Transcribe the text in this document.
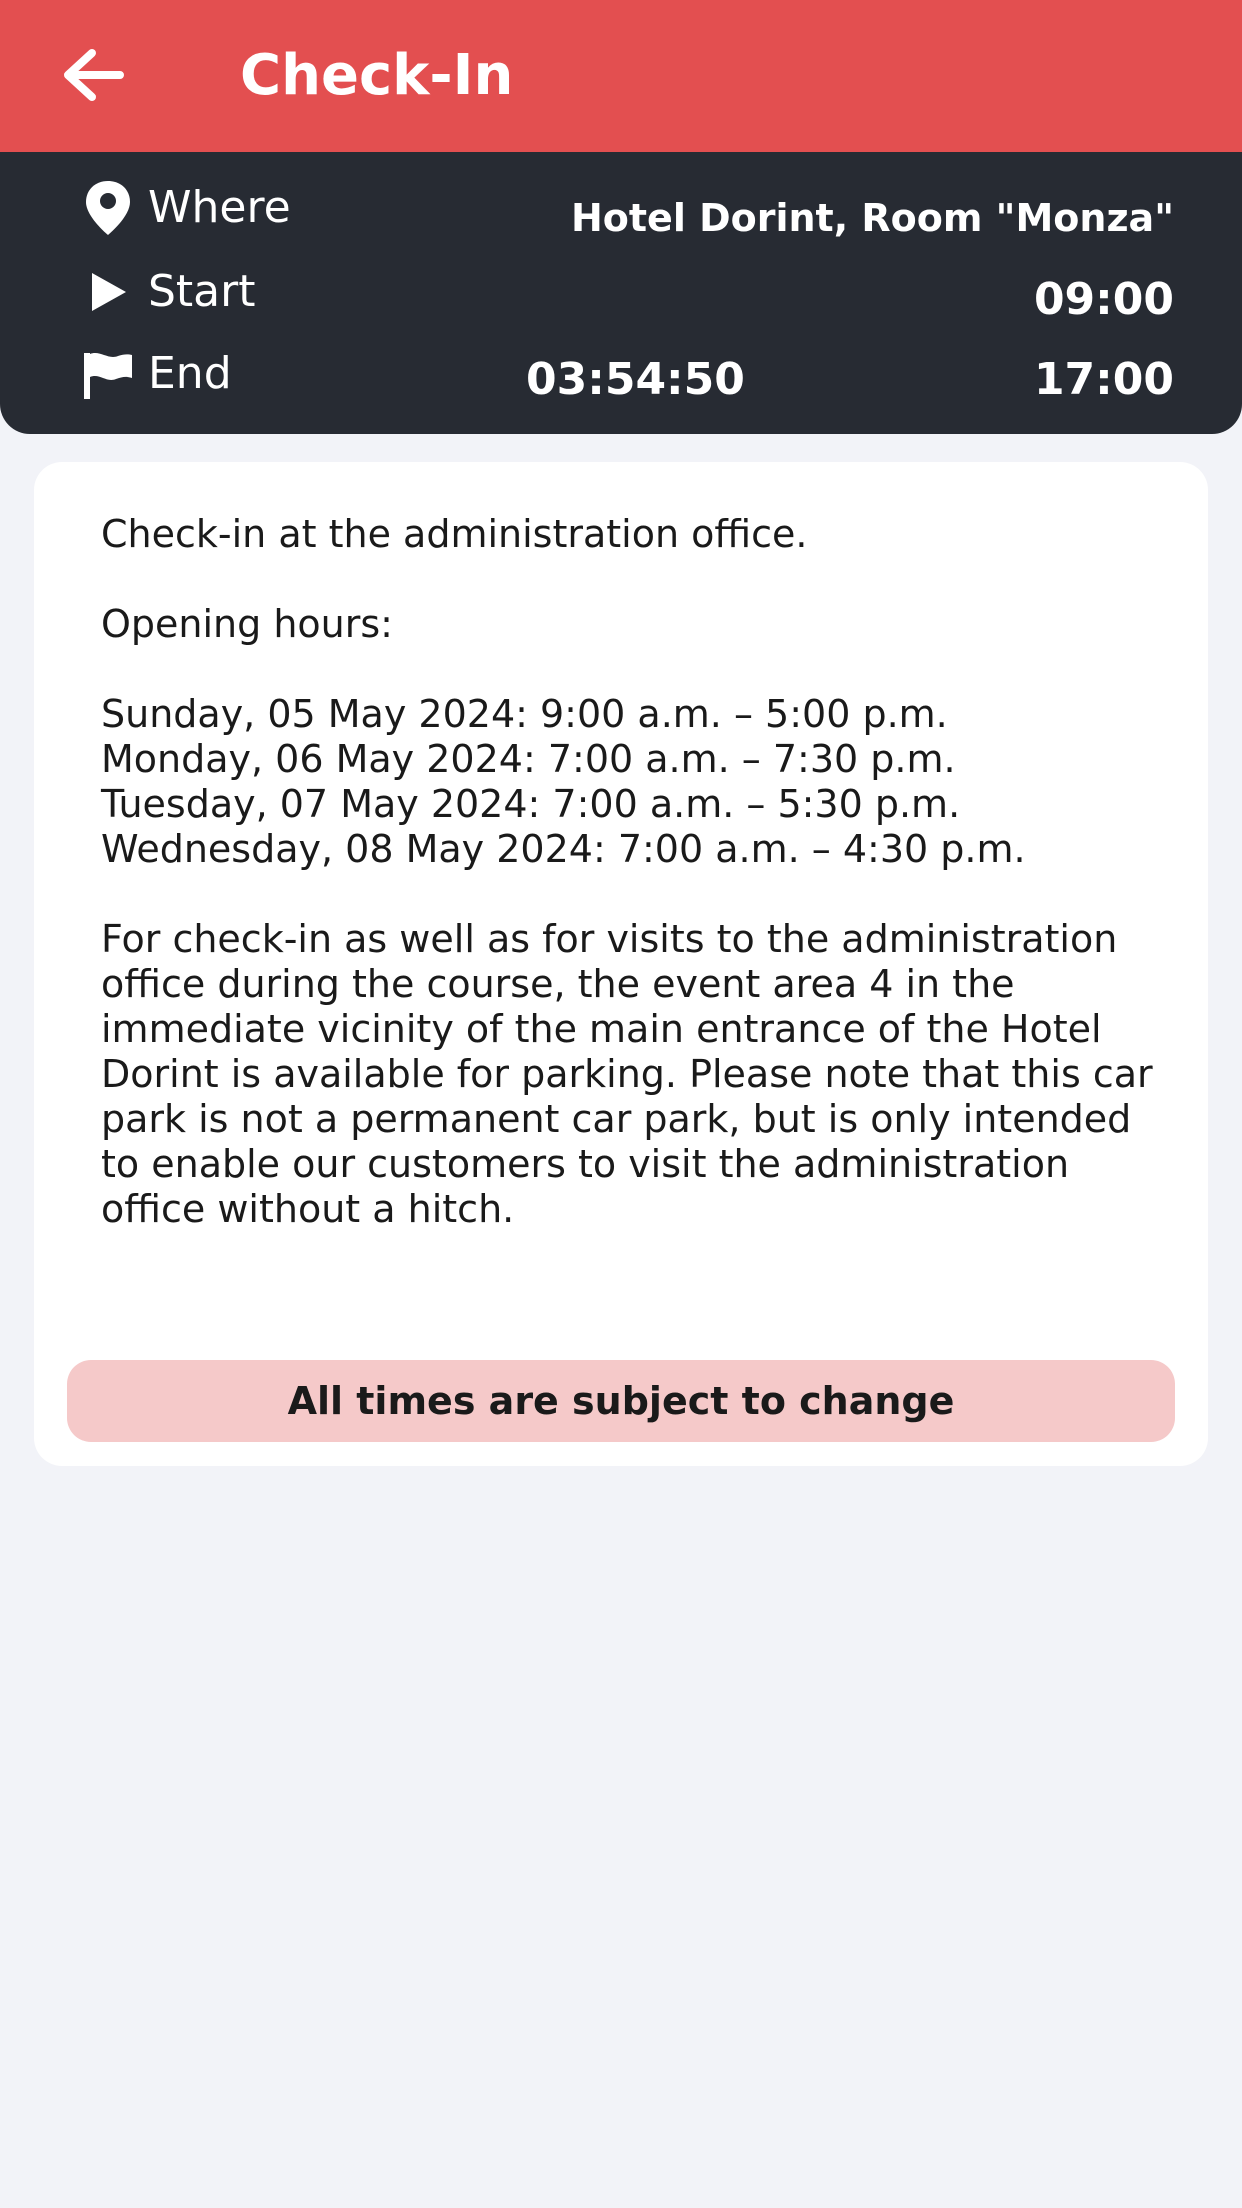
Check-In
Where	Hotel Dorint, Room "Monza"
Start	09:00
End	03:54:50	17:00

Check-in at the administration office.

Opening hours:

Sunday, 05 May 2024: 9:00 a.m. – 5:00 p.m.

Monday, 06 May 2024: 7:00 a.m. – 7:30 p.m.

Tuesday, 07 May 2024: 7:00 a.m. – 5:30 p.m.

Wednesday, 08 May 2024: 7:00 a.m. – 4:30 p.m.

For check-in as well as for visits to the administration office during the course, the event area 4 in the immediate vicinity of the main entrance of the Hotel Dorint is available for parking. Please note that this car park is not a permanent car park, but is only intended to enable our customers to visit the administration office without a hitch.

All times are subject to change
